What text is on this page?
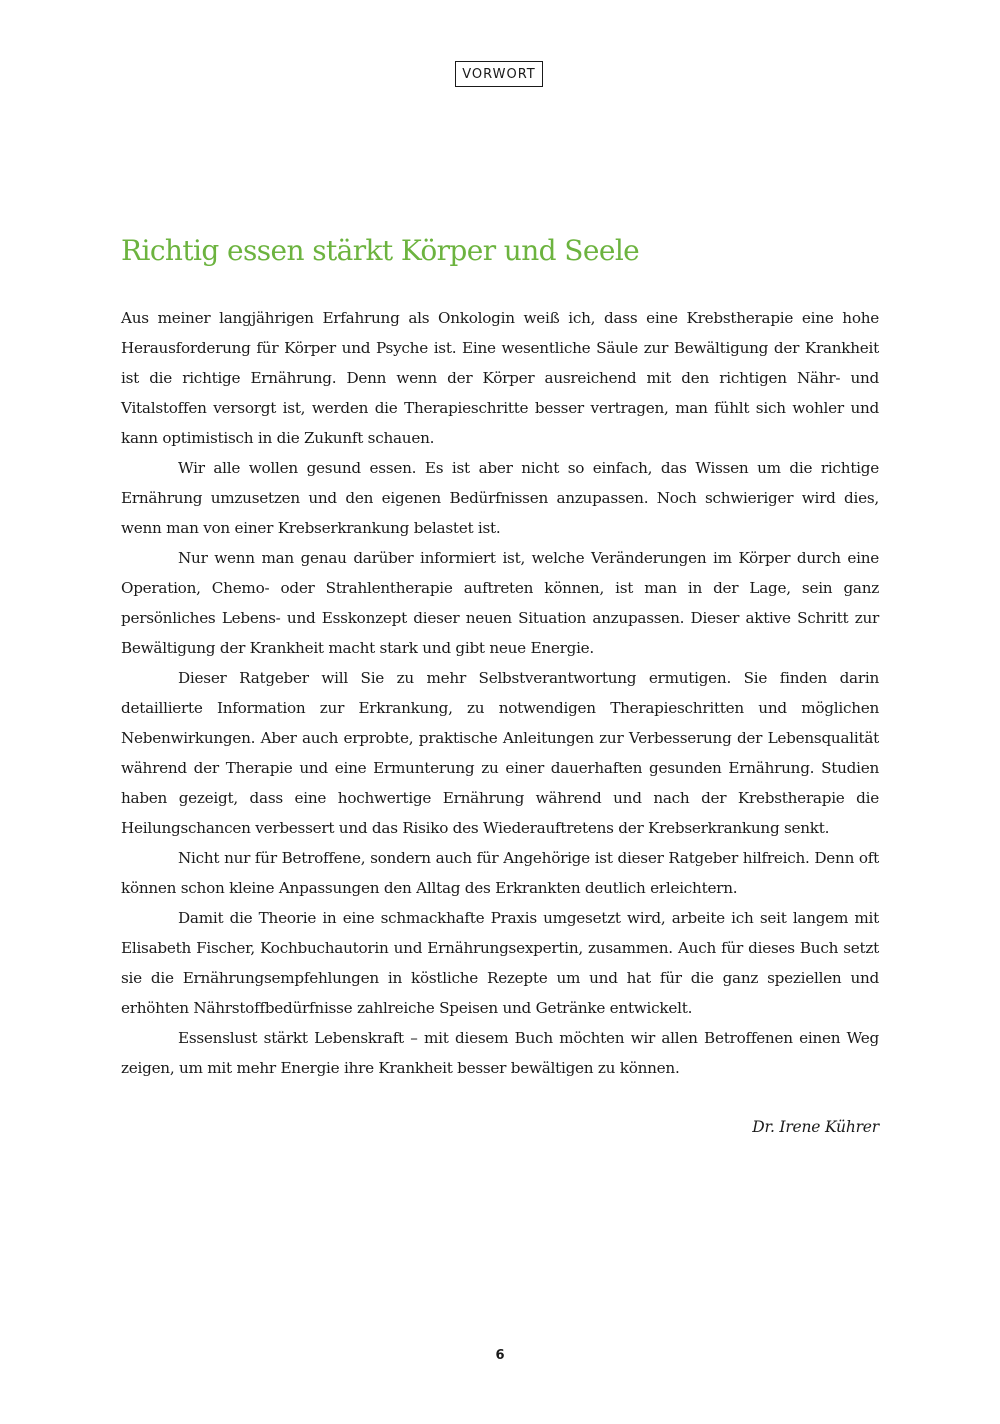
VORWORT
Richtig essen stärkt Körper und Seele

Aus meiner langjährigen Erfahrung als Onkologin weiß ich, dass eine Krebstherapie eine hohe Herausforderung für Körper und Psyche ist. Eine wesentliche Säule zur Bewältigung der Krankheit ist die richtige Ernährung. Denn wenn der Körper ausreichend mit den richtigen Nähr- und Vitalstoffen versorgt ist, werden die Therapieschritte besser vertragen, man fühlt sich wohler und kann optimistisch in die Zukunft schauen.

Wir alle wollen gesund essen. Es ist aber nicht so einfach, das Wissen um die richtige Ernährung umzusetzen und den eigenen Bedürfnissen anzupassen. Noch schwieriger wird dies, wenn man von einer Krebserkrankung belastet ist.

Nur wenn man genau darüber informiert ist, welche Veränderungen im Körper durch eine Operation, Chemo- oder Strahlentherapie auftreten können, ist man in der Lage, sein ganz persönliches Lebens- und Esskonzept dieser neuen Situation anzupassen. Dieser aktive Schritt zur Bewältigung der Krankheit macht stark und gibt neue Energie.

Dieser Ratgeber will Sie zu mehr Selbstverantwortung ermutigen. Sie finden darin detaillierte Information zur Erkrankung, zu notwendigen Therapieschritten und möglichen Nebenwirkungen. Aber auch erprobte, praktische Anleitungen zur Verbesserung der Lebensqualität während der Therapie und eine Ermunterung zu einer dauerhaften gesunden Ernährung. Studien haben gezeigt, dass eine hochwertige Ernährung während und nach der Krebstherapie die Heilungschancen verbessert und das Risiko des Wiederauftretens der Krebserkrankung senkt.

Nicht nur für Betroffene, sondern auch für Angehörige ist dieser Ratgeber hilfreich. Denn oft können schon kleine Anpassungen den Alltag des Erkrankten deutlich erleichtern.

Damit die Theorie in eine schmackhafte Praxis umgesetzt wird, arbeite ich seit langem mit Elisabeth Fischer, Kochbuchautorin und Ernährungsexpertin, zusammen. Auch für dieses Buch setzt sie die Ernährungsempfehlungen in köstliche Rezepte um und hat für die ganz speziellen und erhöhten Nährstoffbedürfnisse zahlreiche Speisen und Getränke entwickelt.

Essenslust stärkt Lebenskraft – mit diesem Buch möchten wir allen Betroffenen einen Weg zeigen, um mit mehr Energie ihre Krankheit besser bewältigen zu können.

Dr. Irene Kührer
6
